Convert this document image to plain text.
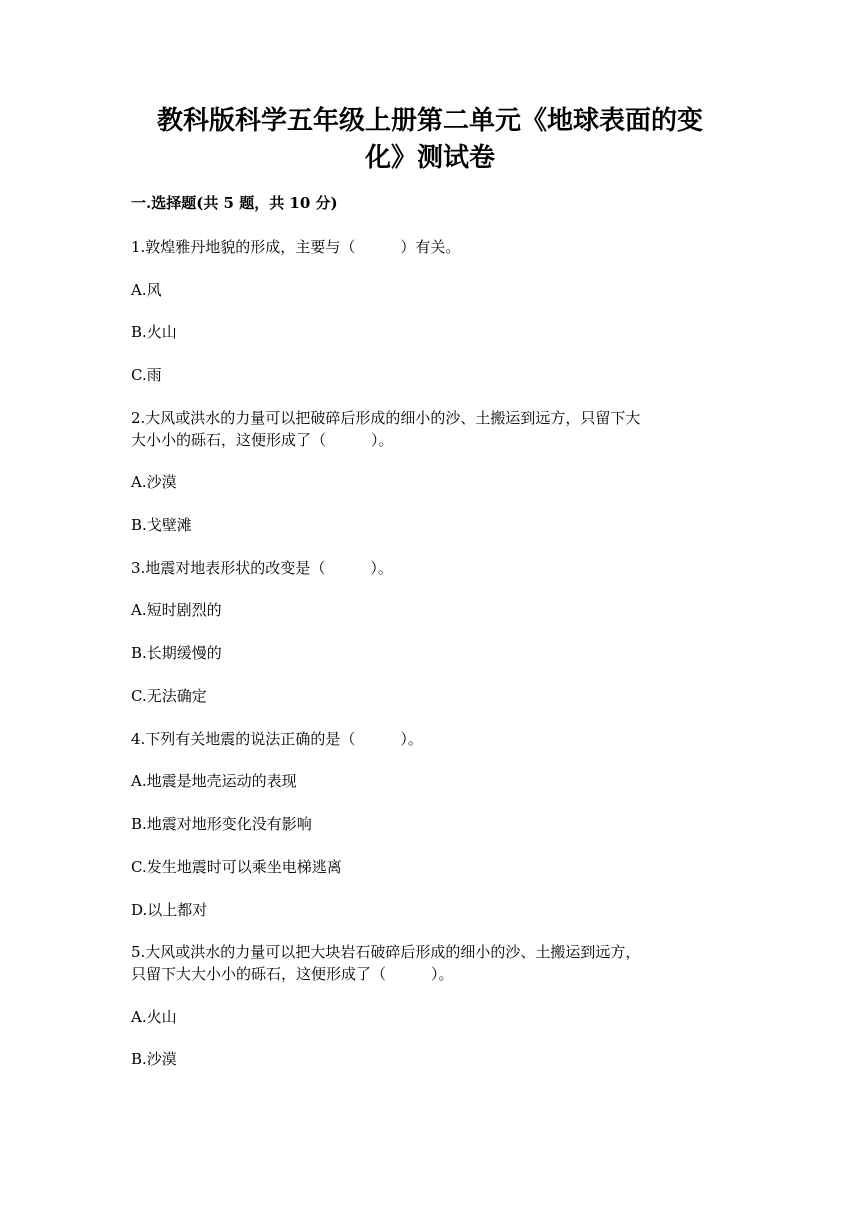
教科版科学五年级上册第二单元《地球表面的变
化》测试卷

一.选择题(共 5 题，共 10 分)

1.敦煌雅丹地貌的形成，主要与（　　　）有关。

A.风

B.火山

C.雨

2.大风或洪水的力量可以把破碎后形成的细小的沙、土搬运到远方，只留下大

大小小的砾石，这便形成了（　　　）。

A.沙漠

B.戈壁滩

3.地震对地表形状的改变是（　　　）。

A.短时剧烈的

B.长期缓慢的

C.无法确定

4.下列有关地震的说法正确的是（　　　）。

A.地震是地壳运动的表现

B.地震对地形变化没有影响

C.发生地震时可以乘坐电梯逃离

D.以上都对

5.大风或洪水的力量可以把大块岩石破碎后形成的细小的沙、土搬运到远方，

只留下大大小小的砾石，这便形成了（　　　）。

A.火山

B.沙漠
